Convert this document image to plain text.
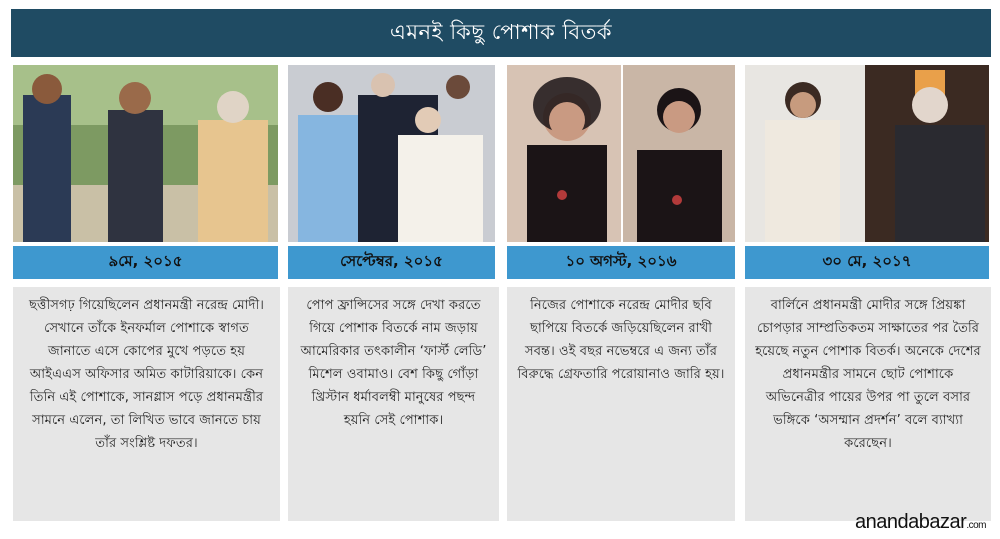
এমনই কিছু পোশাক বিতর্ক
৯মে, ২০১৫
ছত্তীসগঢ় গিয়েছিলেন প্রধানমন্ত্রী নরেন্দ্র মোদী। সেখানে তাঁকে ইনফর্মাল পোশাকে স্বাগত জানাতে এসে কোপের মুখে পড়তে হয় আইএএস অফিসার অমিত কাটারিয়াকে। কেন তিনি এই পোশাকে, সানগ্লাস পড়ে প্রধানমন্ত্রীর সামনে এলেন, তা লিখিত ভাবে জানতে চায় তাঁর সংশ্লিষ্ট দফতর।
সেপ্টেম্বর, ২০১৫
পোপ ফ্রান্সিসের সঙ্গে দেখা করতে গিয়ে পোশাক বিতর্কে নাম জড়ায় আমেরিকার তৎকালীন ‘ফার্স্ট লেডি’ মিশেল ওবামাও। বেশ কিছু গোঁড়া খ্রিস্টান ধর্মাবলম্বী মানুষের পছন্দ হয়নি সেই পোশাক।
১০ অগস্ট, ২০১৬
নিজের পোশাকে নরেন্দ্র মোদীর ছবি ছাপিয়ে বিতর্কে জড়িয়েছিলেন রাখী সবন্ত। ওই বছর নভেম্বরে এ জন্য তাঁর বিরুদ্ধে গ্রেফতারি পরোয়ানাও জারি হয়।
৩০ মে, ২০১৭
বার্লিনে প্রধানমন্ত্রী মোদীর সঙ্গে প্রিয়ঙ্কা চোপড়ার সাম্প্রতিকতম সাক্ষাতের পর তৈরি হয়েছে নতুন পোশাক বিতর্ক। অনেকে দেশের প্রধানমন্ত্রীর সামনে ছোট পোশাকে অভিনেত্রীর পায়ের উপর পা তুলে বসার ভঙ্গিকে ‘অসম্মান প্রদর্শন’ বলে ব্যাখ্যা করেছেন।
anandabazar.com
